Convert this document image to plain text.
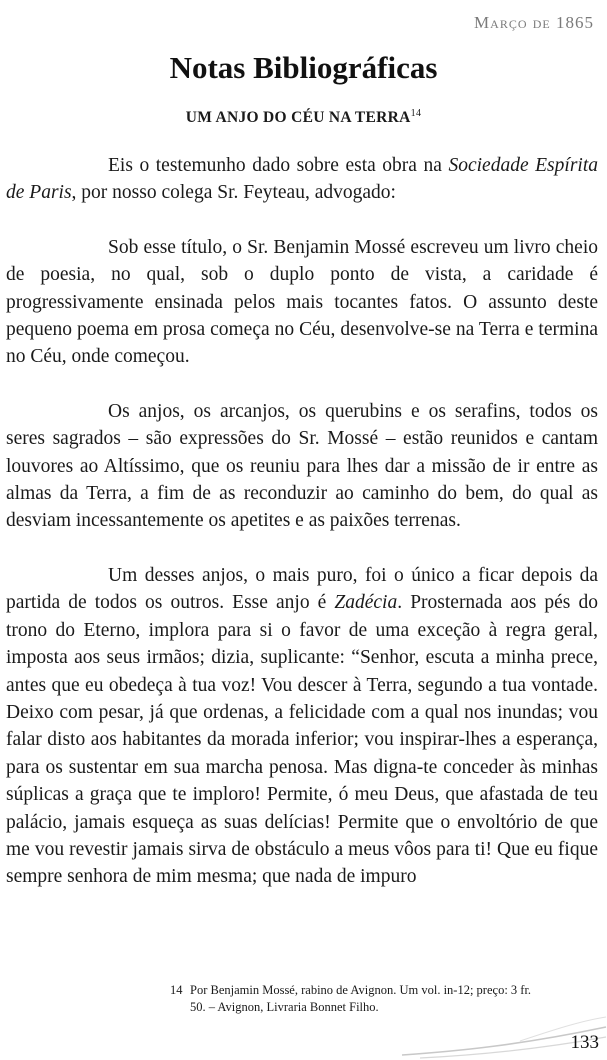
Março de 1865
Notas Bibliográficas
UM ANJO DO CÉU NA TERRA$^{14}$

Eis o testemunho dado sobre esta obra na Sociedade Espírita de Paris, por nosso colega Sr. Feyteau, advogado:

Sob esse título, o Sr. Benjamin Mossé escreveu um livro cheio de poesia, no qual, sob o duplo ponto de vista, a caridade é progressivamente ensinada pelos mais tocantes fatos. O assunto deste pequeno poema em prosa começa no Céu, desenvolve-se na Terra e termina no Céu, onde começou.

Os anjos, os arcanjos, os querubins e os serafins, todos os seres sagrados – são expressões do Sr. Mossé – estão reunidos e cantam louvores ao Altíssimo, que os reuniu para lhes dar a missão de ir entre as almas da Terra, a fim de as reconduzir ao caminho do bem, do qual as desviam incessantemente os apetites e as paixões terrenas.

Um desses anjos, o mais puro, foi o único a ficar depois da partida de todos os outros. Esse anjo é Zadécia. Prosternada aos pés do trono do Eterno, implora para si o favor de uma exceção à regra geral, imposta aos seus irmãos; dizia, suplicante: “Senhor, escuta a minha prece, antes que eu obedeça à tua voz! Vou descer à Terra, segundo a tua vontade. Deixo com pesar, já que ordenas, a felicidade com a qual nos inundas; vou falar disto aos habitantes da morada inferior; vou inspirar-lhes a esperança, para os sustentar em sua marcha penosa. Mas digna-te conceder às minhas súplicas a graça que te imploro! Permite, ó meu Deus, que afastada de teu palácio, jamais esqueça as suas delícias! Permite que o envoltório de que me vou revestir jamais sirva de obstáculo a meus vôos para ti! Que eu fique sempre senhora de mim mesma; que nada de impuro

14 Por Benjamin Mossé, rabino de Avignon. Um vol. in-12; preço: 3 fr.
50. – Avignon, Livraria Bonnet Filho.
133
